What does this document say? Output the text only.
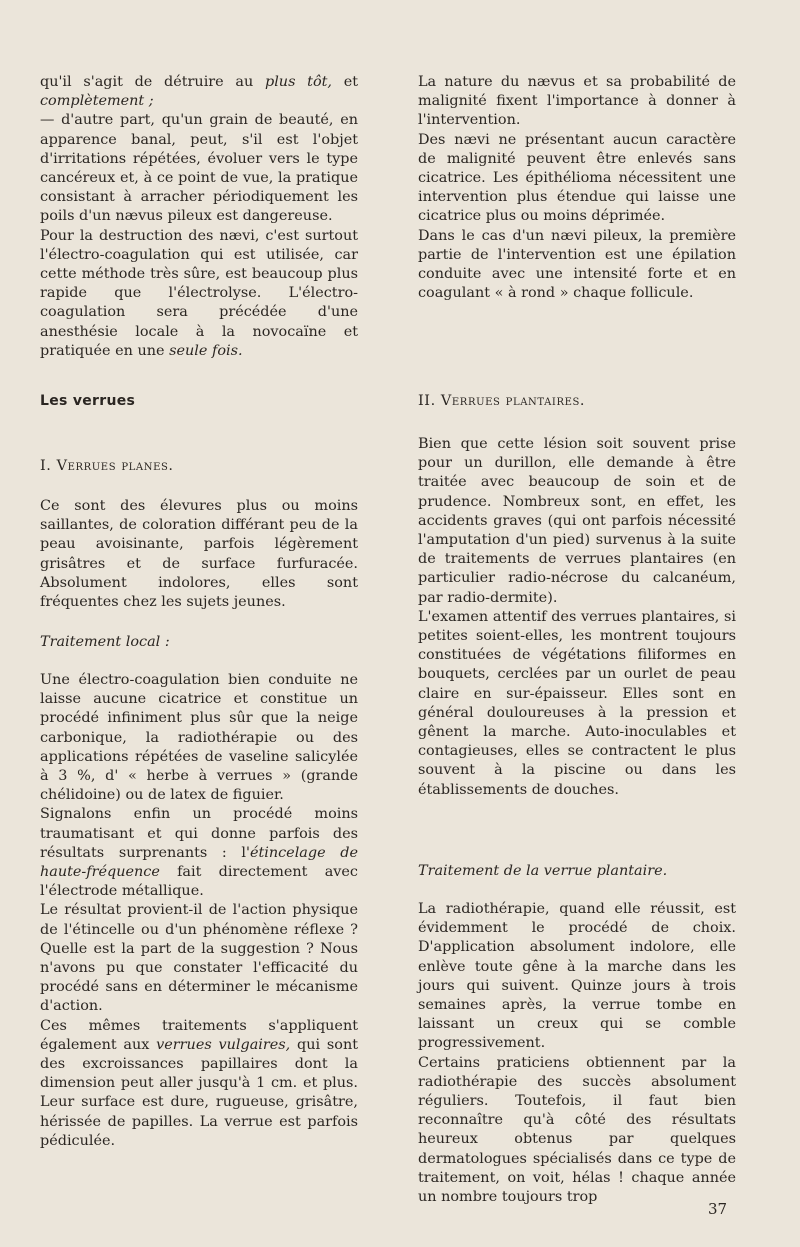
qu'il s'agit de détruire au plus tôt, et complètement ;

— d'autre part, qu'un grain de beauté, en apparence banal, peut, s'il est l'objet d'irritations répétées, évoluer vers le type cancéreux et, à ce point de vue, la pratique consistant à arracher périodiquement les poils d'un nævus pileux est dangereuse.

Pour la destruction des nævi, c'est surtout l'électro-coagulation qui est utilisée, car cette méthode très sûre, est beaucoup plus rapide que l'électrolyse. L'électro-coagulation sera précédée d'une anesthésie locale à la novocaïne et pratiquée en une seule fois.

La nature du nævus et sa probabilité de malignité fixent l'importance à donner à l'intervention.

Des nævi ne présentant aucun caractère de malignité peuvent être enlevés sans cicatrice. Les épithélioma nécessitent une intervention plus étendue qui laisse une cicatrice plus ou moins déprimée.

Dans le cas d'un nævi pileux, la première partie de l'intervention est une épilation conduite avec une intensité forte et en coagulant « à rond » chaque follicule.

Les verrues	II. Verrues plantaires.
I. Verrues planes.
Ce sont des élevures plus ou moins saillantes, de coloration différant peu de la peau avoisinante, parfois légèrement grisâtres et de surface furfuracée. Absolument indolores, elles sont fréquentes chez les sujets jeunes.
Traitement local :

Une électro-coagulation bien conduite ne laisse aucune cicatrice et constitue un procédé infiniment plus sûr que la neige carbonique, la radiothérapie ou des applications répétées de vaseline salicylée à 3 %, d' « herbe à verrues » (grande chélidoine) ou de latex de figuier.

Signalons enfin un procédé moins traumatisant et qui donne parfois des résultats surprenants : l'étincelage de haute-fréquence fait directement avec l'électrode métallique.

Le résultat provient-il de l'action physique de l'étincelle ou d'un phénomène réflexe ? Quelle est la part de la suggestion ? Nous n'avons pu que constater l'efficacité du procédé sans en déterminer le mécanisme d'action.

Ces mêmes traitements s'appliquent également aux verrues vulgaires, qui sont des excroissances papillaires dont la dimension peut aller jusqu'à 1 cm. et plus. Leur surface est dure, rugueuse, grisâtre, hérissée de papilles. La verrue est parfois pédiculée.

Bien que cette lésion soit souvent prise pour un durillon, elle demande à être traitée avec beaucoup de soin et de prudence. Nombreux sont, en effet, les accidents graves (qui ont parfois nécessité l'amputation d'un pied) survenus à la suite de traitements de verrues plantaires (en particulier radio-nécrose du calcanéum, par radio-dermite).

L'examen attentif des verrues plantaires, si petites soient-elles, les montrent toujours constituées de végétations filiformes en bouquets, cerclées par un ourlet de peau claire en sur-épaisseur. Elles sont en général douloureuses à la pression et gênent la marche. Auto-inoculables et contagieuses, elles se contractent le plus souvent à la piscine ou dans les établissements de douches.

Traitement de la verrue plantaire.

La radiothérapie, quand elle réussit, est évidemment le procédé de choix. D'application absolument indolore, elle enlève toute gêne à la marche dans les jours qui suivent. Quinze jours à trois semaines après, la verrue tombe en laissant un creux qui se comble progressivement.

Certains praticiens obtiennent par la radiothérapie des succès absolument réguliers. Toutefois, il faut bien reconnaître qu'à côté des résultats heureux obtenus par quelques dermatologues spécialisés dans ce type de traitement, on voit, hélas ! chaque année un nombre toujours trop

37
